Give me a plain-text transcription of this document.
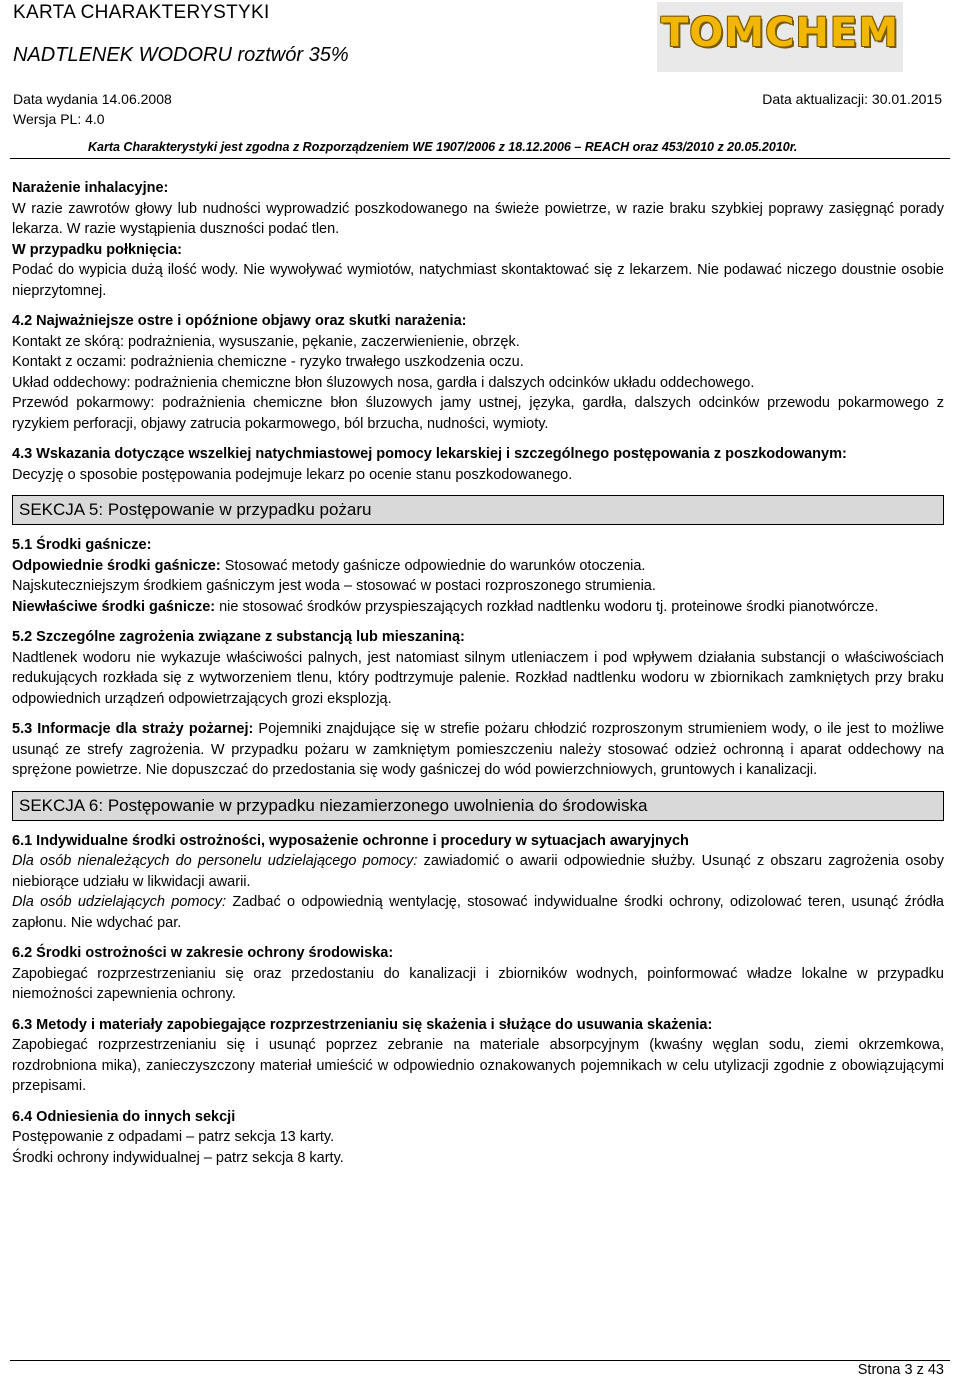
KARTA CHARAKTERYSTYKI
NADTLENEK WODORU roztwór 35%	TOMCHEM
Data wydania 14.06.2008	Data aktualizacji: 30.01.2015
Wersja PL: 4.0
Karta Charakterystyki jest zgodna z Rozporządzeniem WE 1907/2006 z 18.12.2006 – REACH oraz 453/2010 z 20.05.2010r.

Narażenie inhalacyjne:

W razie zawrotów głowy lub nudności wyprowadzić poszkodowanego na świeże powietrze, w razie braku szybkiej poprawy zasięgnąć porady lekarza. W razie wystąpienia duszności podać tlen.

W przypadku połknięcia:

Podać do wypicia dużą ilość wody. Nie wywoływać wymiotów, natychmiast skontaktować się z lekarzem. Nie podawać niczego doustnie osobie nieprzytomnej.

4.2 Najważniejsze ostre i opóźnione objawy oraz skutki narażenia:

Kontakt ze skórą: podrażnienia, wysuszanie, pękanie, zaczerwienienie, obrzęk.

Kontakt z oczami: podrażnienia chemiczne - ryzyko trwałego uszkodzenia oczu.

Układ oddechowy: podrażnienia chemiczne błon śluzowych nosa, gardła i dalszych odcinków układu oddechowego.

Przewód pokarmowy: podrażnienia chemiczne błon śluzowych jamy ustnej, języka, gardła, dalszych odcinków przewodu pokarmowego z ryzykiem perforacji, objawy zatrucia pokarmowego, ból brzucha, nudności, wymioty.

4.3 Wskazania dotyczące wszelkiej natychmiastowej pomocy lekarskiej i szczególnego postępowania z poszkodowanym:

Decyzję o sposobie postępowania podejmuje lekarz po ocenie stanu poszkodowanego.

SEKCJA 5: Postępowanie w przypadku pożaru

5.1 Środki gaśnicze:

Odpowiednie środki gaśnicze: Stosować metody gaśnicze odpowiednie do warunków otoczenia.

Najskuteczniejszym środkiem gaśniczym jest woda – stosować w postaci rozproszonego strumienia.

Niewłaściwe środki gaśnicze: nie stosować środków przyspieszających rozkład nadtlenku wodoru tj. proteinowe środki pianotwórcze.

5.2 Szczególne zagrożenia związane z substancją lub mieszaniną:

Nadtlenek wodoru nie wykazuje właściwości palnych, jest natomiast silnym utleniaczem i pod wpływem działania substancji o właściwościach redukujących rozkłada się z wytworzeniem tlenu, który podtrzymuje palenie. Rozkład nadtlenku wodoru w zbiornikach zamkniętych przy braku odpowiednich urządzeń odpowietrzających grozi eksplozją.

5.3 Informacje dla straży pożarnej: Pojemniki znajdujące się w strefie pożaru chłodzić rozproszonym strumieniem wody, o ile jest to możliwe usunąć ze strefy zagrożenia. W przypadku pożaru w zamkniętym pomieszczeniu należy stosować odzież ochronną i aparat oddechowy na sprężone powietrze. Nie dopuszczać do przedostania się wody gaśniczej do wód powierzchniowych, gruntowych i kanalizacji.

SEKCJA 6: Postępowanie w przypadku niezamierzonego uwolnienia do środowiska

6.1 Indywidualne środki ostrożności, wyposażenie ochronne i procedury w sytuacjach awaryjnych

Dla osób nienależących do personelu udzielającego pomocy: zawiadomić o awarii odpowiednie służby. Usunąć z obszaru zagrożenia osoby niebiorące udziału w likwidacji awarii.

Dla osób udzielających pomocy: Zadbać o odpowiednią wentylację, stosować indywidualne środki ochrony, odizolować teren, usunąć źródła zapłonu. Nie wdychać par.

6.2 Środki ostrożności w zakresie ochrony środowiska:

Zapobiegać rozprzestrzenianiu się oraz przedostaniu do kanalizacji i zbiorników wodnych, poinformować władze lokalne w przypadku niemożności zapewnienia ochrony.

6.3 Metody i materiały zapobiegające rozprzestrzenianiu się skażenia i służące do usuwania skażenia:

Zapobiegać rozprzestrzenianiu się i usunąć poprzez zebranie na materiale absorpcyjnym (kwaśny węglan sodu, ziemi okrzemkowa, rozdrobniona mika), zanieczyszczony materiał umieścić w odpowiednio oznakowanych pojemnikach w celu utylizacji zgodnie z obowiązującymi przepisami.

6.4 Odniesienia do innych sekcji

Postępowanie z odpadami – patrz sekcja 13 karty.

Środki ochrony indywidualnej – patrz sekcja 8 karty.

Strona 3 z 43
